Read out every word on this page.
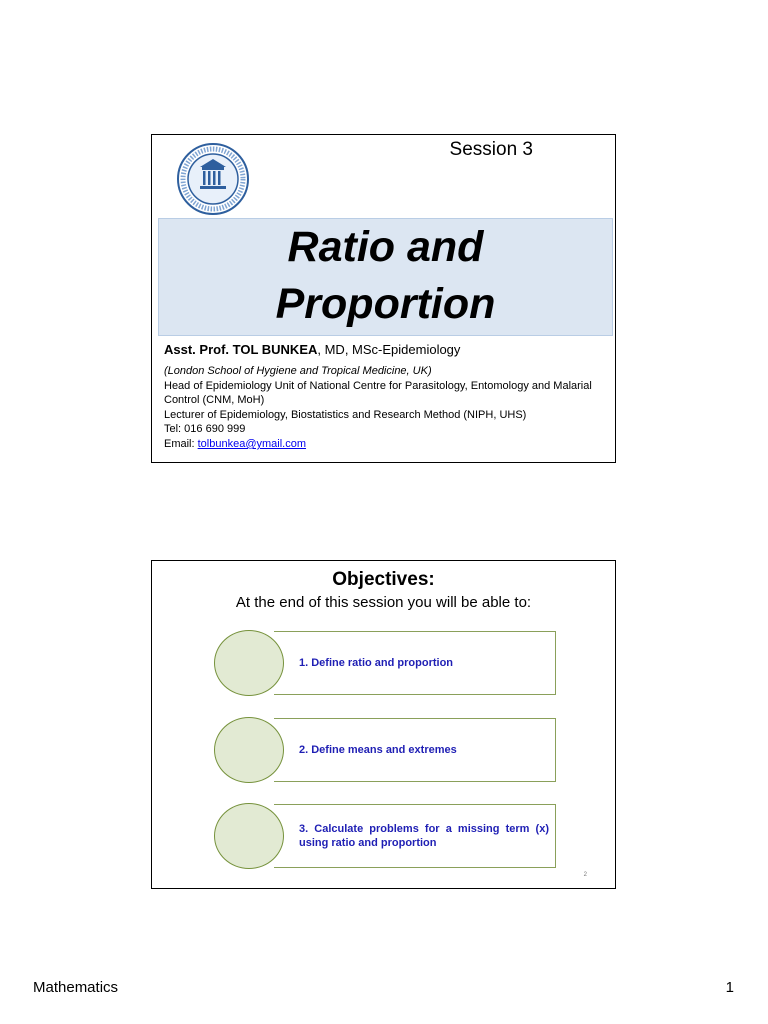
Session 3
Ratio and
Proportion
Asst. Prof. TOL BUNKEA, MD, MSc-Epidemiology
(London School of Hygiene and Tropical Medicine, UK)
Head of Epidemiology Unit of National Centre for Parasitology, Entomology and Malarial Control (CNM, MoH)
Lecturer of Epidemiology, Biostatistics and Research Method (NIPH, UHS)
Tel: 016 690 999
Email: tolbunkea@ymail.com
Objectives:
At the end of this session you will be able to:
1. Define ratio and proportion
2. Define means and extremes
3. Calculate problems for a missing term (x) using ratio and proportion
2
Mathematics	1
